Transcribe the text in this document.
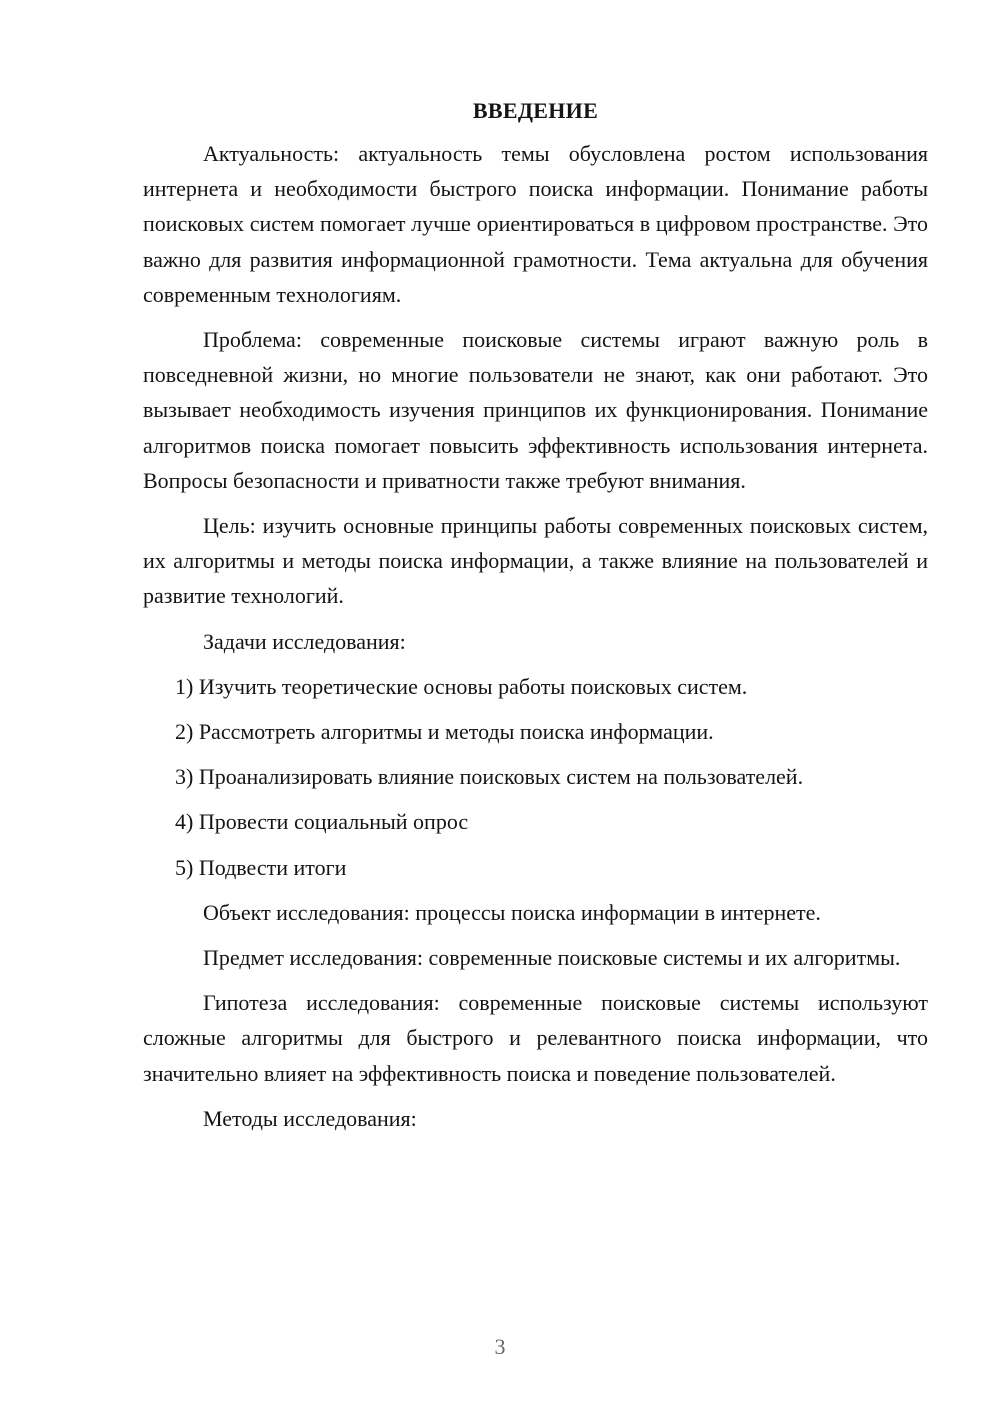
ВВЕДЕНИЕ

Актуальность: актуальность темы обусловлена ростом использования интернета и необходимости быстрого поиска информации. Понимание работы поисковых систем помогает лучше ориентироваться в цифровом пространстве. Это важно для развития информационной грамотности. Тема актуальна для обучения современным технологиям.

Проблема: современные поисковые системы играют важную роль в повседневной жизни, но многие пользователи не знают, как они работают. Это вызывает необходимость изучения принципов их функционирования. Понимание алгоритмов поиска помогает повысить эффективность использования интернета. Вопросы безопасности и приватности также требуют внимания.

Цель: изучить основные принципы работы современных поисковых систем, их алгоритмы и методы поиска информации, а также влияние на пользователей и развитие технологий.

Задачи исследования:

1) Изучить теоретические основы работы поисковых систем.

2) Рассмотреть алгоритмы и методы поиска информации.

3) Проанализировать влияние поисковых систем на пользователей.

4) Провести социальный опрос

5) Подвести итоги

Объект исследования: процессы поиска информации в интернете.

Предмет исследования: современные поисковые системы и их алгоритмы.

Гипотеза исследования: современные поисковые системы используют сложные алгоритмы для быстрого и релевантного поиска информации, что значительно влияет на эффективность поиска и поведение пользователей.

Методы исследования:

3
